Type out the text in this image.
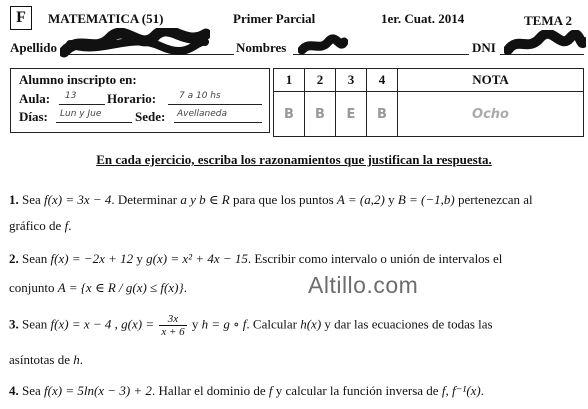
F	MATEMATICA (51)	Primer Parcial	1er. Cuat. 2014	TEMA 2
Apellido	Nombres	DNI
Alumno inscripto en:
Aula: 13 Horario:	7 a 10 hs
Días: Lun y Jue	Sede: Avellaneda
1	2	3	4	NOTA
B	B	E	B	Ocho
En cada ejercicio, escriba los razonamientos que justifican la respuesta.
1. Sea f(x) = 3x − 4. Determinar a y b ∈ R para que los puntos A = (a,2) y B = (−1,b) pertenezcan al
gráfico de f.
2. Sean f(x) = −2x + 12 y g(x) = x² + 4x − 15. Escribir como intervalo o unión de intervalos el
conjunto A = {x ∈ R / g(x) ≤ f(x)}.	Altillo.com
3. Sean f(x) = x − 4 , $g(x) = \frac{3x}{x + 6}$ y h = g ∘ f. Calcular h(x) y dar las ecuaciones de todas las
asíntotas de h.
4. Sea f(x) = 5ln(x − 3) + 2. Hallar el dominio de f y calcular la función inversa de f, f⁻¹(x).
